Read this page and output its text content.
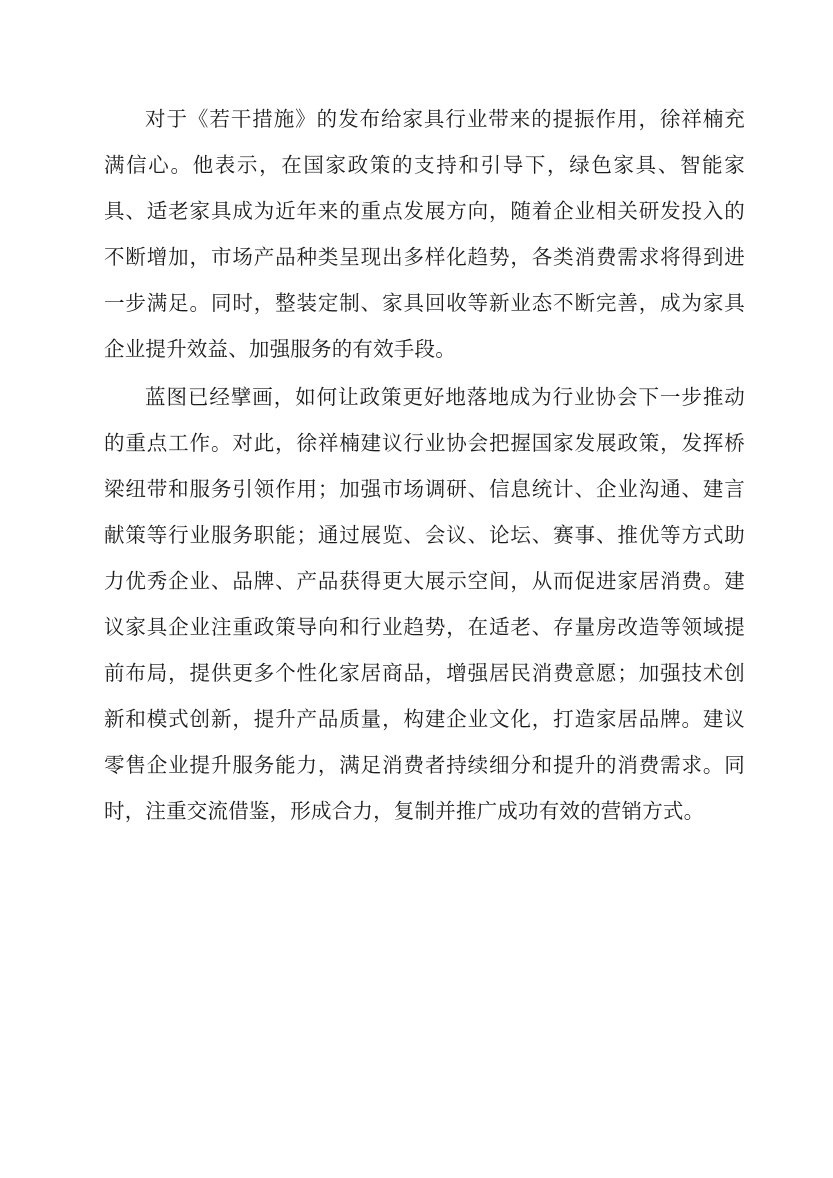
对于《若干措施》的发布给家具行业带来的提振作用，徐祥楠充满信心。他表示，在国家政策的支持和引导下，绿色家具、智能家具、适老家具成为近年来的重点发展方向，随着企业相关研发投入的不断增加，市场产品种类呈现出多样化趋势，各类消费需求将得到进一步满足。同时，整装定制、家具回收等新业态不断完善，成为家具企业提升效益、加强服务的有效手段。

蓝图已经擘画，如何让政策更好地落地成为行业协会下一步推动的重点工作。对此，徐祥楠建议行业协会把握国家发展政策，发挥桥梁纽带和服务引领作用；加强市场调研、信息统计、企业沟通、建言献策等行业服务职能；通过展览、会议、论坛、赛事、推优等方式助力优秀企业、品牌、产品获得更大展示空间，从而促进家居消费。建议家具企业注重政策导向和行业趋势，在适老、存量房改造等领域提前布局，提供更多个性化家居商品，增强居民消费意愿；加强技术创新和模式创新，提升产品质量，构建企业文化，打造家居品牌。建议零售企业提升服务能力，满足消费者持续细分和提升的消费需求。同时，注重交流借鉴，形成合力，复制并推广成功有效的营销方式。
